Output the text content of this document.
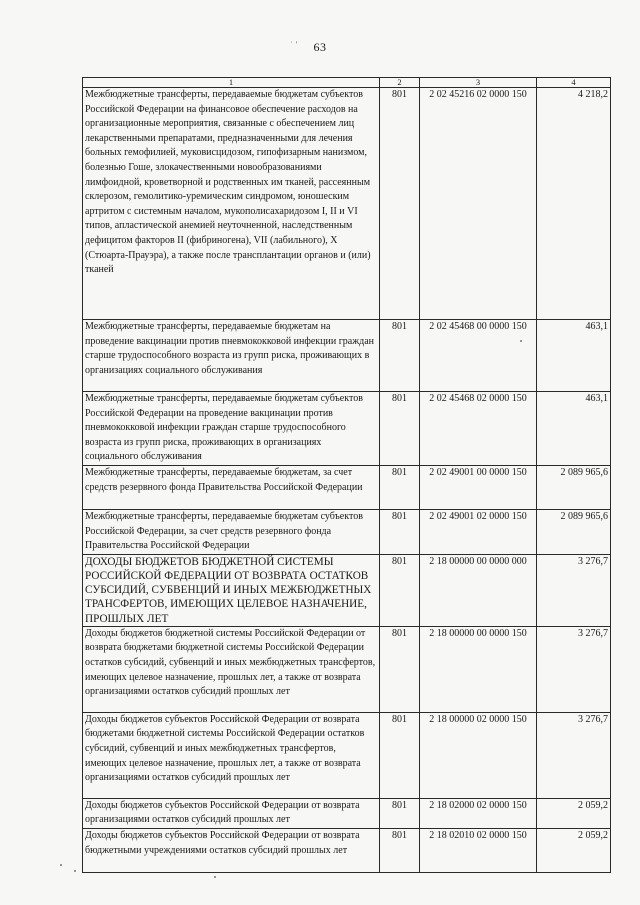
˙ ′ 63
1	2	3	4
Межбюджетные трансферты, передаваемые бюджетам субъектов Российской Федерации на финансовое обеспечение расходов на организационные мероприятия, связанные с обеспечением лиц лекарственными препаратами, предназначенными для лечения больных гемофилией, муковисцидозом, гипофизарным нанизмом, болезнью Гоше, злокачественными новообразованиями лимфоидной, кроветворной и родственных им тканей, рассеянным склерозом, гемолитико-уремическим синдромом, юношеским артритом с системным началом, мукополисахаридозом I, II и VI типов, апластической анемией неуточненной, наследственным дефицитом факторов II (фибриногена), VII (лабильного), X (Стюарта-Прауэра), а также после трансплантации органов и (или) тканей	801	2 02 45216 02 0000 150	4 218,2
Межбюджетные трансферты, передаваемые бюджетам на проведение вакцинации против пневмококковой инфекции граждан старше трудоспособного возраста из групп риска, проживающих в организациях социального обслуживания	801	2 02 45468 00 0000 150	463,1
Межбюджетные трансферты, передаваемые бюджетам субъектов Российской Федерации на проведение вакцинации против пневмококковой инфекции граждан старше трудоспособного возраста из групп риска, проживающих в организациях социального обслуживания	801	2 02 45468 02 0000 150	463,1
Межбюджетные трансферты, передаваемые бюджетам, за счет средств резервного фонда Правительства Российской Федерации	801	2 02 49001 00 0000 150	2 089 965,6
Межбюджетные трансферты, передаваемые бюджетам субъектов Российской Федерации, за счет средств резервного фонда Правительства Российской Федерации	801	2 02 49001 02 0000 150	2 089 965,6
ДОХОДЫ БЮДЖЕТОВ БЮДЖЕТНОЙ СИСТЕМЫ РОССИЙСКОЙ ФЕДЕРАЦИИ ОТ ВОЗВРАТА ОСТАТКОВ СУБСИДИЙ, СУБВЕНЦИЙ И ИНЫХ МЕЖБЮДЖЕТНЫХ ТРАНСФЕРТОВ, ИМЕЮЩИХ ЦЕЛЕВОЕ НАЗНАЧЕНИЕ, ПРОШЛЫХ ЛЕТ	801	2 18 00000 00 0000 000	3 276,7
Доходы бюджетов бюджетной системы Российской Федерации от возврата бюджетами бюджетной системы Российской Федерации остатков субсидий, субвенций и иных межбюджетных трансфертов, имеющих целевое назначение, прошлых лет, а также от возврата организациями остатков субсидий прошлых лет	801	2 18 00000 00 0000 150	3 276,7
Доходы бюджетов субъектов Российской Федерации от возврата бюджетами бюджетной системы Российской Федерации остатков субсидий, субвенций и иных межбюджетных трансфертов, имеющих целевое назначение, прошлых лет, а также от возврата организациями остатков субсидий прошлых лет	801	2 18 00000 02 0000 150	3 276,7
Доходы бюджетов субъектов Российской Федерации от возврата организациями остатков субсидий прошлых лет	801	2 18 02000 02 0000 150	2 059,2
Доходы бюджетов субъектов Российской Федерации от возврата бюджетными учреждениями остатков субсидий прошлых лет	801	2 18 02010 02 0000 150	2 059,2
